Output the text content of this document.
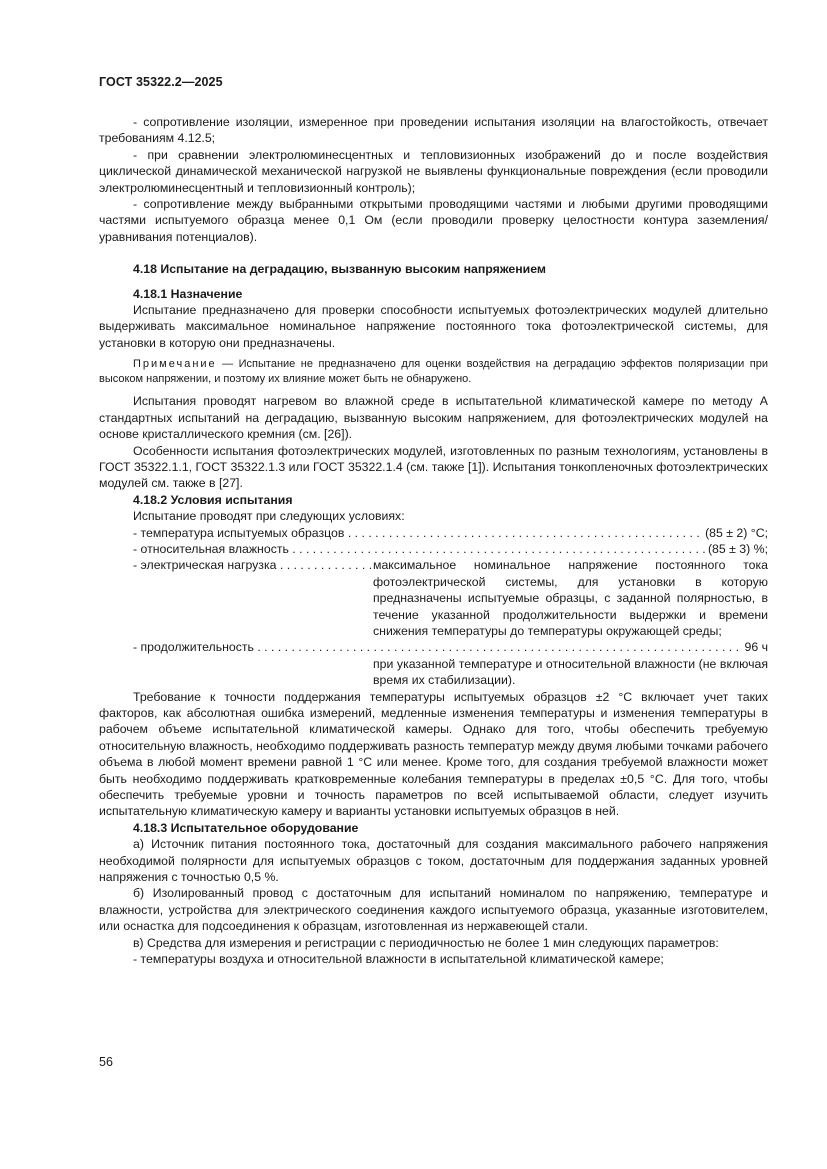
ГОСТ 35322.2—2025

- сопротивление изоляции, измеренное при проведении испытания изоляции на влагостойкость, отвечает требованиям 4.12.5;

- при сравнении электролюминесцентных и тепловизионных изображений до и после воздействия циклической динамической механической нагрузкой не выявлены функциональные повреждения (если проводили электролюминесцентный и тепловизионный контроль);

- сопротивление между выбранными открытыми проводящими частями и любыми другими проводящими частями испытуемого образца менее 0,1 Ом (если проводили проверку целостности контура заземления/уравнивания потенциалов).

4.18 Испытание на деградацию, вызванную высоким напряжением

4.18.1 Назначение

Испытание предназначено для проверки способности испытуемых фотоэлектрических модулей длительно выдерживать максимальное номинальное напряжение постоянного тока фотоэлектрической системы, для установки в которую они предназначены.

Примечание — Испытание не предназначено для оценки воздействия на деградацию эффектов поляризации при высоком напряжении, и поэтому их влияние может быть не обнаружено.

Испытания проводят нагревом во влажной среде в испытательной климатической камере по методу А стандартных испытаний на деградацию, вызванную высоким напряжением, для фотоэлектрических модулей на основе кристаллического кремния (см. [26]).

Особенности испытания фотоэлектрических модулей, изготовленных по разным технологиям, установлены в ГОСТ 35322.1.1, ГОСТ 35322.1.3 или ГОСТ 35322.1.4 (см. также [1]). Испытания тонкопленочных фотоэлектрических модулей см. также в [27].

4.18.2 Условия испытания

Испытание проводят при следующих условиях:

- температура испытуемых образцов . . .	(85 ± 2) °С;
- относительная влажность . . .	(85 ± 3) %;
- электрическая нагрузка . . .	максимальное номинальное напряжение постоянного тока фотоэлектрической системы, для установки в которую предназначены испытуемые образцы, с заданной полярностью, в течение указанной продолжительности выдержки и времени снижения температуры до температуры окружающей среды;
- продолжительность . . .	96 ч

при указанной температуре и относительной влажности (не включая время их стабилизации).

Требование к точности поддержания температуры испытуемых образцов ±2 °С включает учет таких факторов, как абсолютная ошибка измерений, медленные изменения температуры и изменения температуры в рабочем объеме испытательной климатической камеры. Однако для того, чтобы обеспечить требуемую относительную влажность, необходимо поддерживать разность температур между двумя любыми точками рабочего объема в любой момент времени равной 1 °С или менее. Кроме того, для создания требуемой влажности может быть необходимо поддерживать кратковременные колебания температуры в пределах ±0,5 °С. Для того, чтобы обеспечить требуемые уровни и точность параметров по всей испытываемой области, следует изучить испытательную климатическую камеру и варианты установки испытуемых образцов в ней.

4.18.3 Испытательное оборудование

а) Источник питания постоянного тока, достаточный для создания максимального рабочего напряжения необходимой полярности для испытуемых образцов с током, достаточным для поддержания заданных уровней напряжения с точностью 0,5 %.

б) Изолированный провод с достаточным для испытаний номиналом по напряжению, температуре и влажности, устройства для электрического соединения каждого испытуемого образца, указанные изготовителем, или оснастка для подсоединения к образцам, изготовленная из нержавеющей стали.

в) Средства для измерения и регистрации с периодичностью не более 1 мин следующих параметров:

- температуры воздуха и относительной влажности в испытательной климатической камере;

56
